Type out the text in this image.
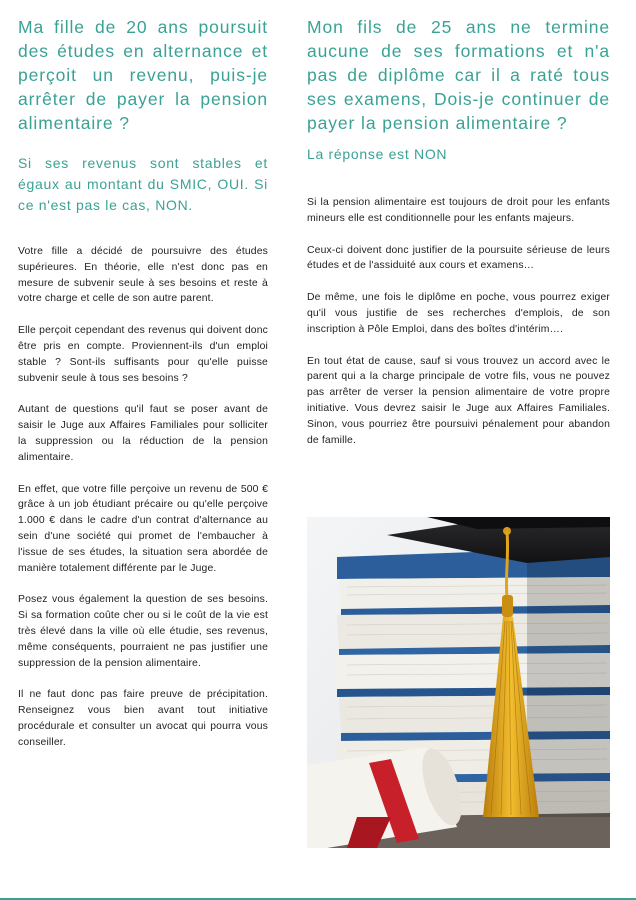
Ma fille de 20 ans poursuit des études en alternance et perçoit un revenu, puis-je arrêter de payer la pension alimentaire ?

Si ses revenus sont stables et égaux au montant du SMIC, OUI. Si ce n'est pas le cas, NON.

Votre fille a décidé de poursuivre des études supérieures. En théorie, elle n'est donc pas en mesure de subvenir seule à ses besoins et reste à votre charge et celle de son autre parent.

Elle perçoit cependant des revenus qui doivent donc être pris en compte. Proviennent-ils d'un emploi stable ? Sont-ils suffisants pour qu'elle puisse subvenir seule à tous ses besoins ?

Autant de questions qu'il faut se poser avant de saisir le Juge aux Affaires Familiales pour solliciter la suppression ou la réduction de la pension alimentaire.

En effet, que votre fille perçoive un revenu de 500 € grâce à un job étudiant précaire ou qu'elle perçoive 1.000 € dans le cadre d'un contrat d'alternance au sein d'une société qui promet de l'embaucher à l'issue de ses études, la situation sera abordée de manière totalement différente par le Juge.

Posez vous également la question de ses besoins. Si sa formation coûte cher ou si le coût de la vie est très élevé dans la ville où elle étudie, ses revenus, même conséquents, pourraient ne pas justifier une suppression de la pension alimentaire.

Il ne faut donc pas faire preuve de précipitation. Renseignez vous bien avant tout initiative procédurale et consulter un avocat qui pourra vous conseiller.

Mon fils de 25 ans ne termine aucune de ses formations et n'a pas de diplôme car il a raté tous ses examens, Dois-je continuer de payer la pension alimentaire ?

La réponse est NON

Si la pension alimentaire est toujours de droit pour les enfants mineurs elle est conditionnelle pour les enfants majeurs.

Ceux-ci doivent donc justifier de la poursuite sérieuse de leurs études et de l'assiduité aux cours et examens…

De même, une fois le diplôme en poche, vous pourrez exiger qu'il vous justifie de ses recherches d'emplois, de son inscription à Pôle Emploi, dans des boîtes d'intérim….

En tout état de cause, sauf si vous trouvez un accord avec le parent qui a la charge principale de votre fils, vous ne pouvez pas arrêter de verser la pension alimentaire de votre propre initiative. Vous devrez saisir le Juge aux Affaires Familiales. Sinon, vous pourriez être poursuivi pénalement pour abandon de famille.
